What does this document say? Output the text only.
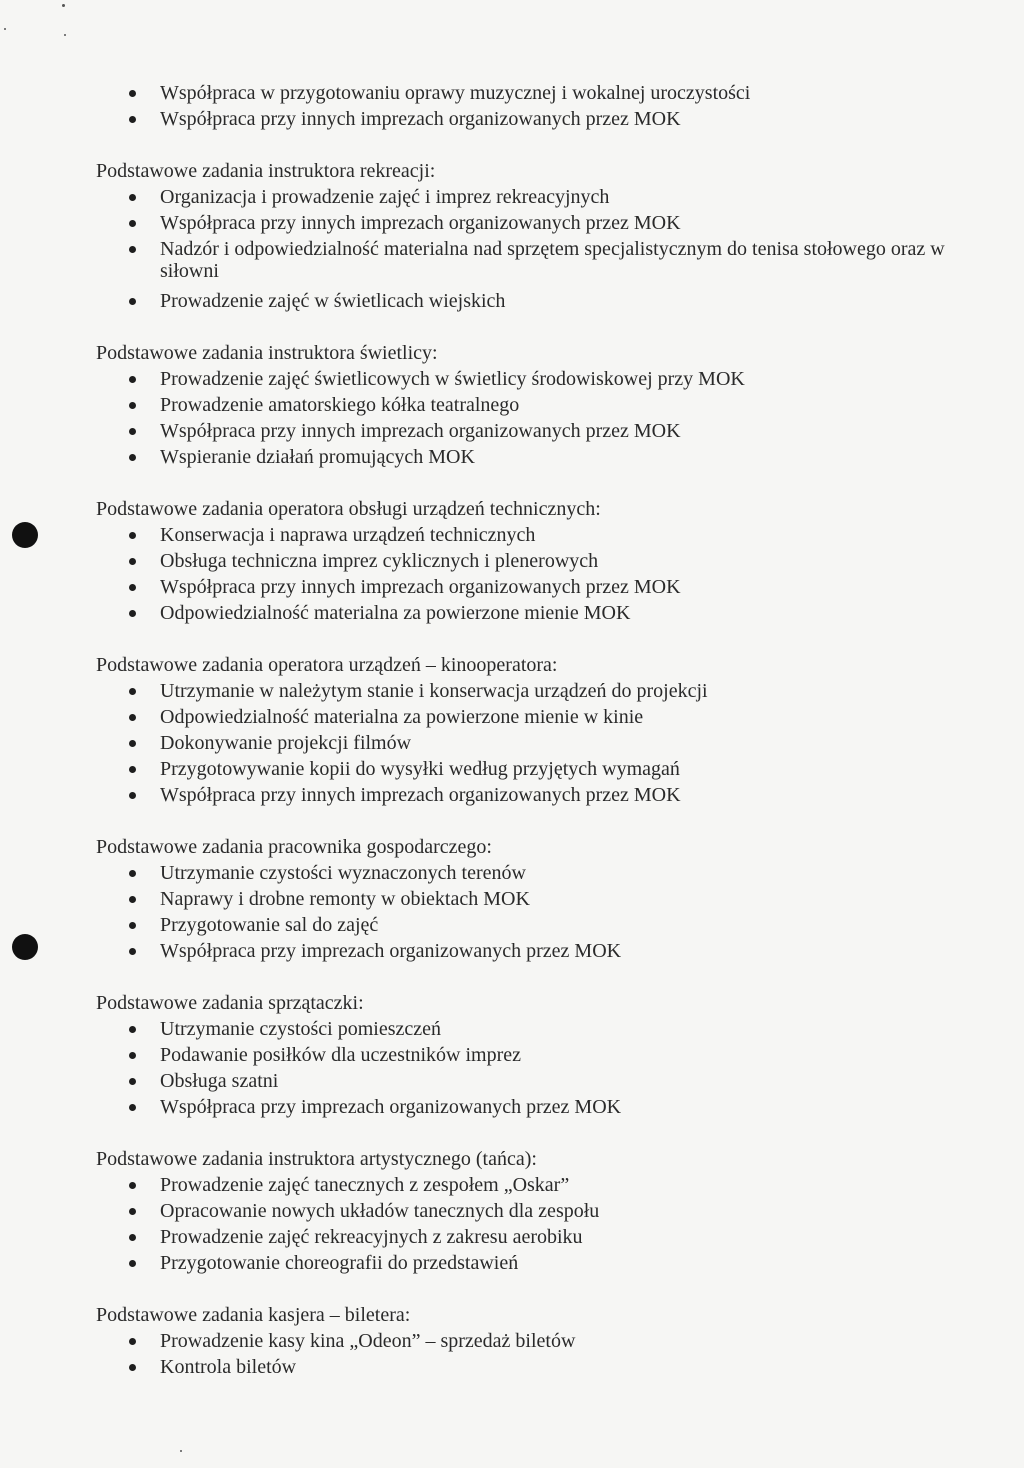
Współpraca w przygotowaniu oprawy muzycznej i wokalnej uroczystości
Współpraca przy innych imprezach organizowanych przez MOK

Podstawowe zadania instruktora rekreacji:

Organizacja i prowadzenie zajęć i imprez rekreacyjnych
Współpraca przy innych imprezach organizowanych przez MOK
Nadzór i odpowiedzialność materialna nad sprzętem specjalistycznym do tenisa stołowego oraz w siłowni
Prowadzenie zajęć w świetlicach wiejskich

Podstawowe zadania instruktora świetlicy:

Prowadzenie zajęć świetlicowych w świetlicy środowiskowej przy MOK
Prowadzenie amatorskiego kółka teatralnego
Współpraca przy innych imprezach organizowanych przez MOK
Wspieranie działań promujących MOK

Podstawowe zadania operatora obsługi urządzeń technicznych:

Konserwacja i naprawa urządzeń technicznych
Obsługa techniczna imprez cyklicznych i plenerowych
Współpraca przy innych imprezach organizowanych przez MOK
Odpowiedzialność materialna za powierzone mienie MOK

Podstawowe zadania operatora urządzeń – kinooperatora:

Utrzymanie w należytym stanie i konserwacja urządzeń do projekcji
Odpowiedzialność materialna za powierzone mienie w kinie
Dokonywanie projekcji filmów
Przygotowywanie kopii do wysyłki według przyjętych wymagań
Współpraca przy innych imprezach organizowanych przez MOK

Podstawowe zadania pracownika gospodarczego:

Utrzymanie czystości wyznaczonych terenów
Naprawy i drobne remonty w obiektach MOK
Przygotowanie sal do zajęć
Współpraca przy imprezach organizowanych przez MOK

Podstawowe zadania sprzątaczki:

Utrzymanie czystości pomieszczeń
Podawanie posiłków dla uczestników imprez
Obsługa szatni
Współpraca przy imprezach organizowanych przez MOK

Podstawowe zadania instruktora artystycznego (tańca):

Prowadzenie zajęć tanecznych z zespołem „Oskar”
Opracowanie nowych układów tanecznych dla zespołu
Prowadzenie zajęć rekreacyjnych z zakresu aerobiku
Przygotowanie choreografii do przedstawień

Podstawowe zadania kasjera – biletera:

Prowadzenie kasy kina „Odeon” – sprzedaż biletów
Kontrola biletów
